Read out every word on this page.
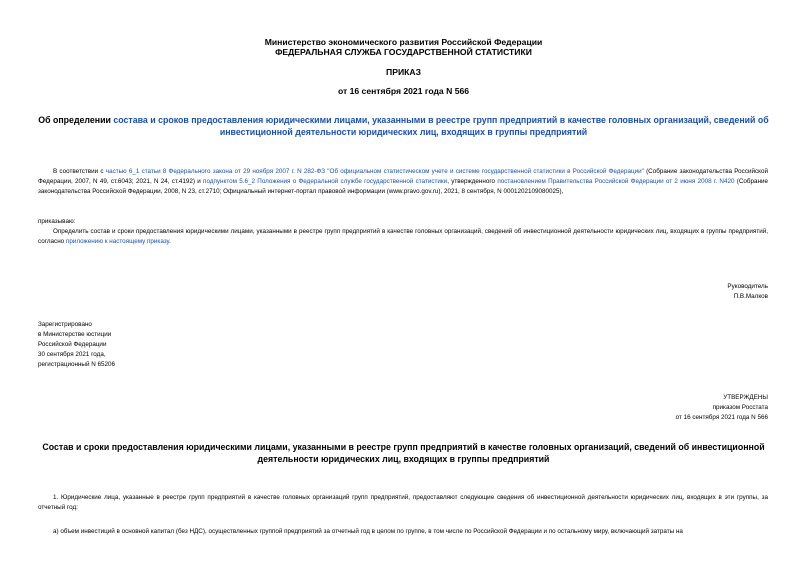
Министерство экономического развития Российской Федерации
ФЕДЕРАЛЬНАЯ СЛУЖБА ГОСУДАРСТВЕННОЙ СТАТИСТИКИ
ПРИКАЗ
от 16 сентября 2021 года N 566
Об определении состава и сроков предоставления юридическими лицами, указанными в реестре групп предприятий в качестве головных организаций, сведений об инвестиционной деятельности юридических лиц, входящих в группы предприятий
В соответствии с частью 6_1 статьи 8 Федерального закона от 29 ноября 2007 г. N 282-ФЗ "Об официальном статистическом учете и системе государственной статистики в Российской Федерации" (Собрание законодательства Российской Федерации, 2007, N 49, ст.6043; 2021, N 24, ст.4192) и подпунктом 5.6_2 Положения о Федеральной службе государственной статистики, утвержденного постановлением Правительства Российской Федерации от 2 июня 2008 г. N420 (Собрание законодательства Российской Федерации, 2008, N 23, ст.2710; Официальный интернет-портал правовой информации (www.pravo.gov.ru), 2021, 8 сентября, N 0001202109080025),
приказываю:
Определить состав и сроки предоставления юридическими лицами, указанными в реестре групп предприятий в качестве головных организаций, сведений об инвестиционной деятельности юридических лиц, входящих в группы предприятий, согласно приложению к настоящему приказу.
Руководитель
П.В.Малков
Зарегистрировано
в Министерстве юстиции
Российской Федерации
30 сентября 2021 года,
регистрационный N 65206
УТВЕРЖДЕНЫ
приказом Росстата
от 16 сентября 2021 года N 566
Состав и сроки предоставления юридическими лицами, указанными в реестре групп предприятий в качестве головных организаций, сведений об инвестиционной деятельности юридических лиц, входящих в группы предприятий
1. Юридические лица, указанные в реестре групп предприятий в качестве головных организаций групп предприятий, предоставляют следующие сведения об инвестиционной деятельности юридических лиц, входящих в эти группы, за отчетный год:
а) объем инвестиций в основной капитал (без НДС), осуществленных группой предприятий за отчетный год в целом по группе, в том числе по Российской Федерации и по остальному миру, включающий затраты на
